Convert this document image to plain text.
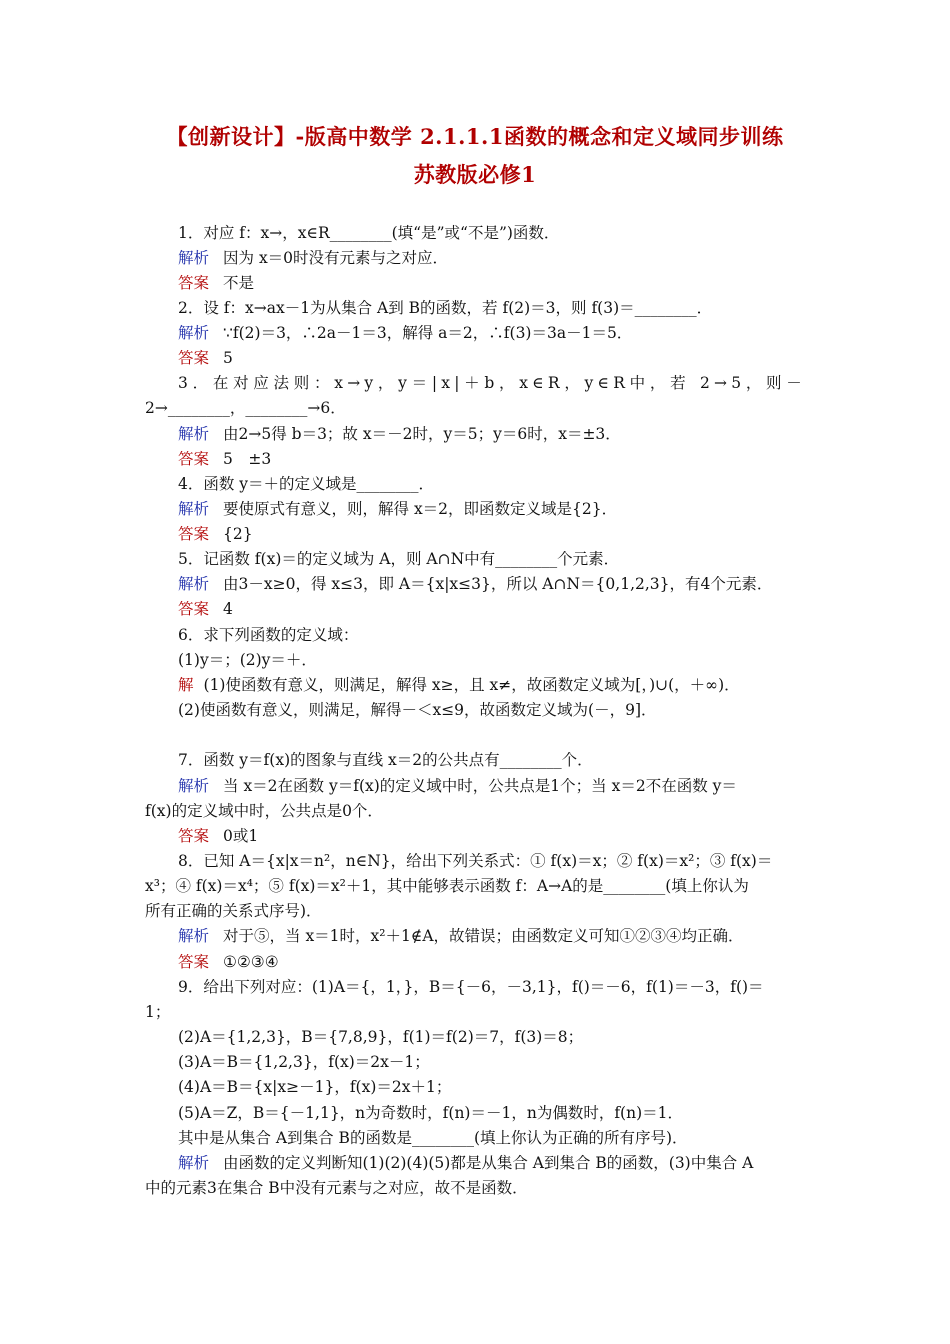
【创新设计】-版高中数学 2.1.1.1函数的概念和定义域同步训练
苏教版必修1
1．对应 f：x→，x∈R________(填“是”或“不是”)函数．
解析 因为 x＝0时没有元素与之对应．
答案 不是
2．设 f：x→ax－1为从集合 A到 B的函数，若 f(2)＝3，则 f(3)＝________．
解析 ∵f(2)＝3，∴2a－1＝3，解得 a＝2，∴f(3)＝3a－1＝5．
答案 5
3．在对应法则：x→y，y＝|x|＋b，x∈R，y∈R中，若 2→5，则－
2→________，________→6．
解析 由2→5得 b＝3；故 x＝－2时，y＝5；y＝6时，x＝±3．
答案 5　±3
4．函数 y＝＋的定义域是________．
解析 要使原式有意义，则，解得 x＝2，即函数定义域是{2}．
答案 {2}
5．记函数 f(x)＝的定义域为 A，则 A∩N中有________个元素．
解析 由3－x≥0，得 x≤3，即 A＝{x|x≤3}，所以 A∩N＝{0,1,2,3}，有4个元素．
答案 4
6．求下列函数的定义域：
(1)y＝；(2)y＝＋．
解 (1)使函数有意义，则满足，解得 x≥，且 x≠，故函数定义域为[，)∪(，＋∞)．
(2)使函数有意义，则满足，解得－＜x≤9，故函数定义域为(－，9]．
7．函数 y＝f(x)的图象与直线 x＝2的公共点有________个．
解析 当 x＝2在函数 y＝f(x)的定义域中时，公共点是1个；当 x＝2不在函数 y＝
f(x)的定义域中时，公共点是0个．
答案 0或1
8．已知 A＝{x|x＝n²，n∈N}，给出下列关系式：① f(x)＝x；② f(x)＝x²；③ f(x)＝
x³；④ f(x)＝x⁴；⑤ f(x)＝x²＋1，其中能够表示函数 f：A→A的是________(填上你认为
所有正确的关系式序号)．
解析 对于⑤，当 x＝1时，x²＋1∉A，故错误；由函数定义可知①②③④均正确．
答案 ①②③④
9．给出下列对应：(1)A＝{，1，}，B＝{－6，－3,1}，f()＝－6，f(1)＝－3，f()＝
1；
(2)A＝{1,2,3}，B＝{7,8,9}，f(1)＝f(2)＝7，f(3)＝8；
(3)A＝B＝{1,2,3}，f(x)＝2x－1；
(4)A＝B＝{x|x≥－1}，f(x)＝2x＋1；
(5)A＝Z，B＝{－1,1}，n为奇数时，f(n)＝－1，n为偶数时，f(n)＝1．
其中是从集合 A到集合 B的函数是________(填上你认为正确的所有序号)．
解析 由函数的定义判断知(1)(2)(4)(5)都是从集合 A到集合 B的函数，(3)中集合 A
中的元素3在集合 B中没有元素与之对应，故不是函数．
